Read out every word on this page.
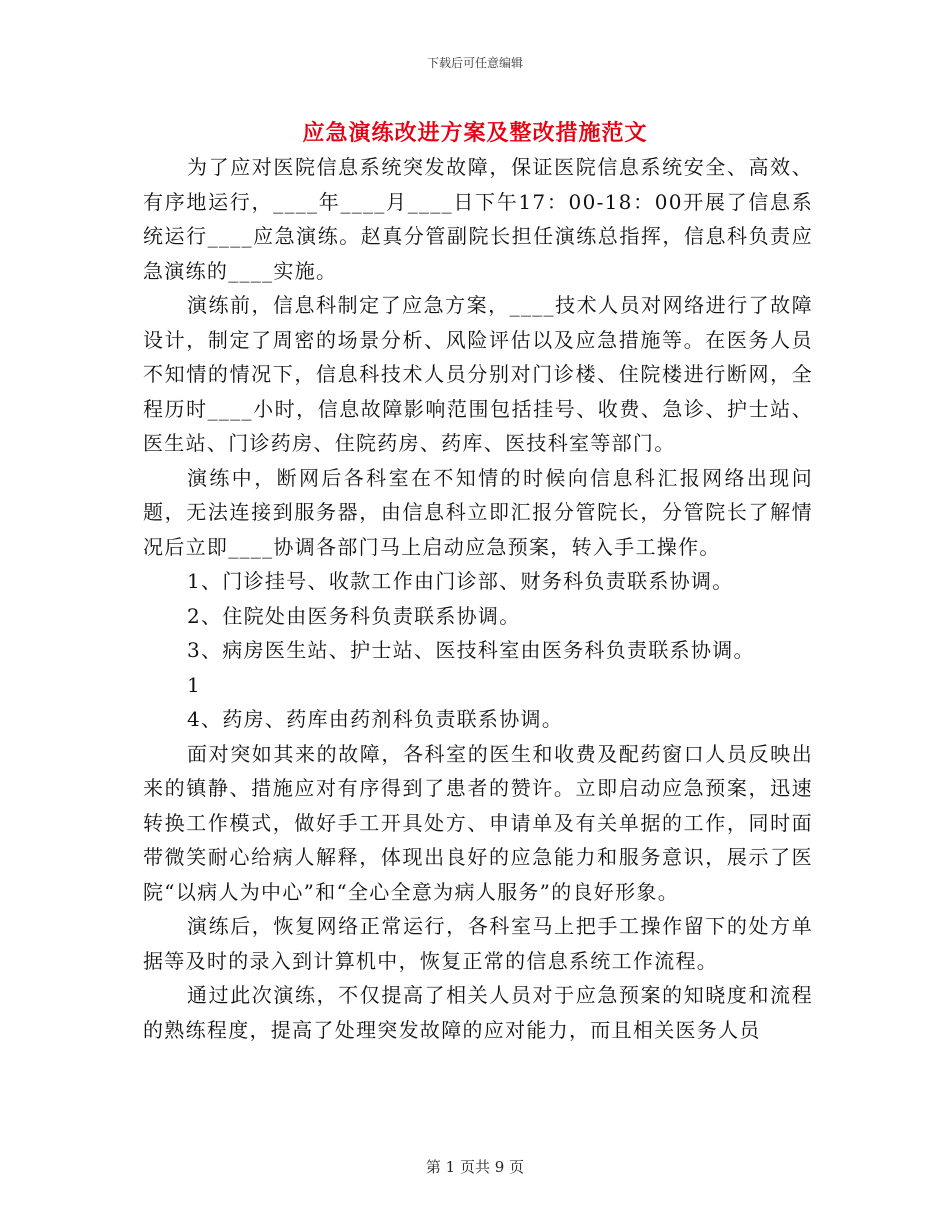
下载后可任意编辑
应急演练改进方案及整改措施范文

为了应对医院信息系统突发故障，保证医院信息系统安全、高效、有序地运行，____年____月____日下午17：00-18：00开展了信息系统运行____应急演练。赵真分管副院长担任演练总指挥，信息科负责应急演练的____实施。

演练前，信息科制定了应急方案，____技术人员对网络进行了故障设计，制定了周密的场景分析、风险评估以及应急措施等。在医务人员不知情的情况下，信息科技术人员分别对门诊楼、住院楼进行断网，全程历时____小时，信息故障影响范围包括挂号、收费、急诊、护士站、医生站、门诊药房、住院药房、药库、医技科室等部门。

演练中，断网后各科室在不知情的时候向信息科汇报网络出现问题，无法连接到服务器，由信息科立即汇报分管院长，分管院长了解情况后立即____协调各部门马上启动应急预案，转入手工操作。

1、门诊挂号、收款工作由门诊部、财务科负责联系协调。

2、住院处由医务科负责联系协调。

3、病房医生站、护士站、医技科室由医务科负责联系协调。

1

4、药房、药库由药剂科负责联系协调。

面对突如其来的故障，各科室的医生和收费及配药窗口人员反映出来的镇静、措施应对有序得到了患者的赞许。立即启动应急预案，迅速转换工作模式，做好手工开具处方、申请单及有关单据的工作，同时面带微笑耐心给病人解释，体现出良好的应急能力和服务意识，展示了医院“以病人为中心”和“全心全意为病人服务”的良好形象。

演练后，恢复网络正常运行，各科室马上把手工操作留下的处方单据等及时的录入到计算机中，恢复正常的信息系统工作流程。

通过此次演练，不仅提高了相关人员对于应急预案的知晓度和流程的熟练程度，提高了处理突发故障的应对能力，而且相关医务人员

第 1 页共 9 页
